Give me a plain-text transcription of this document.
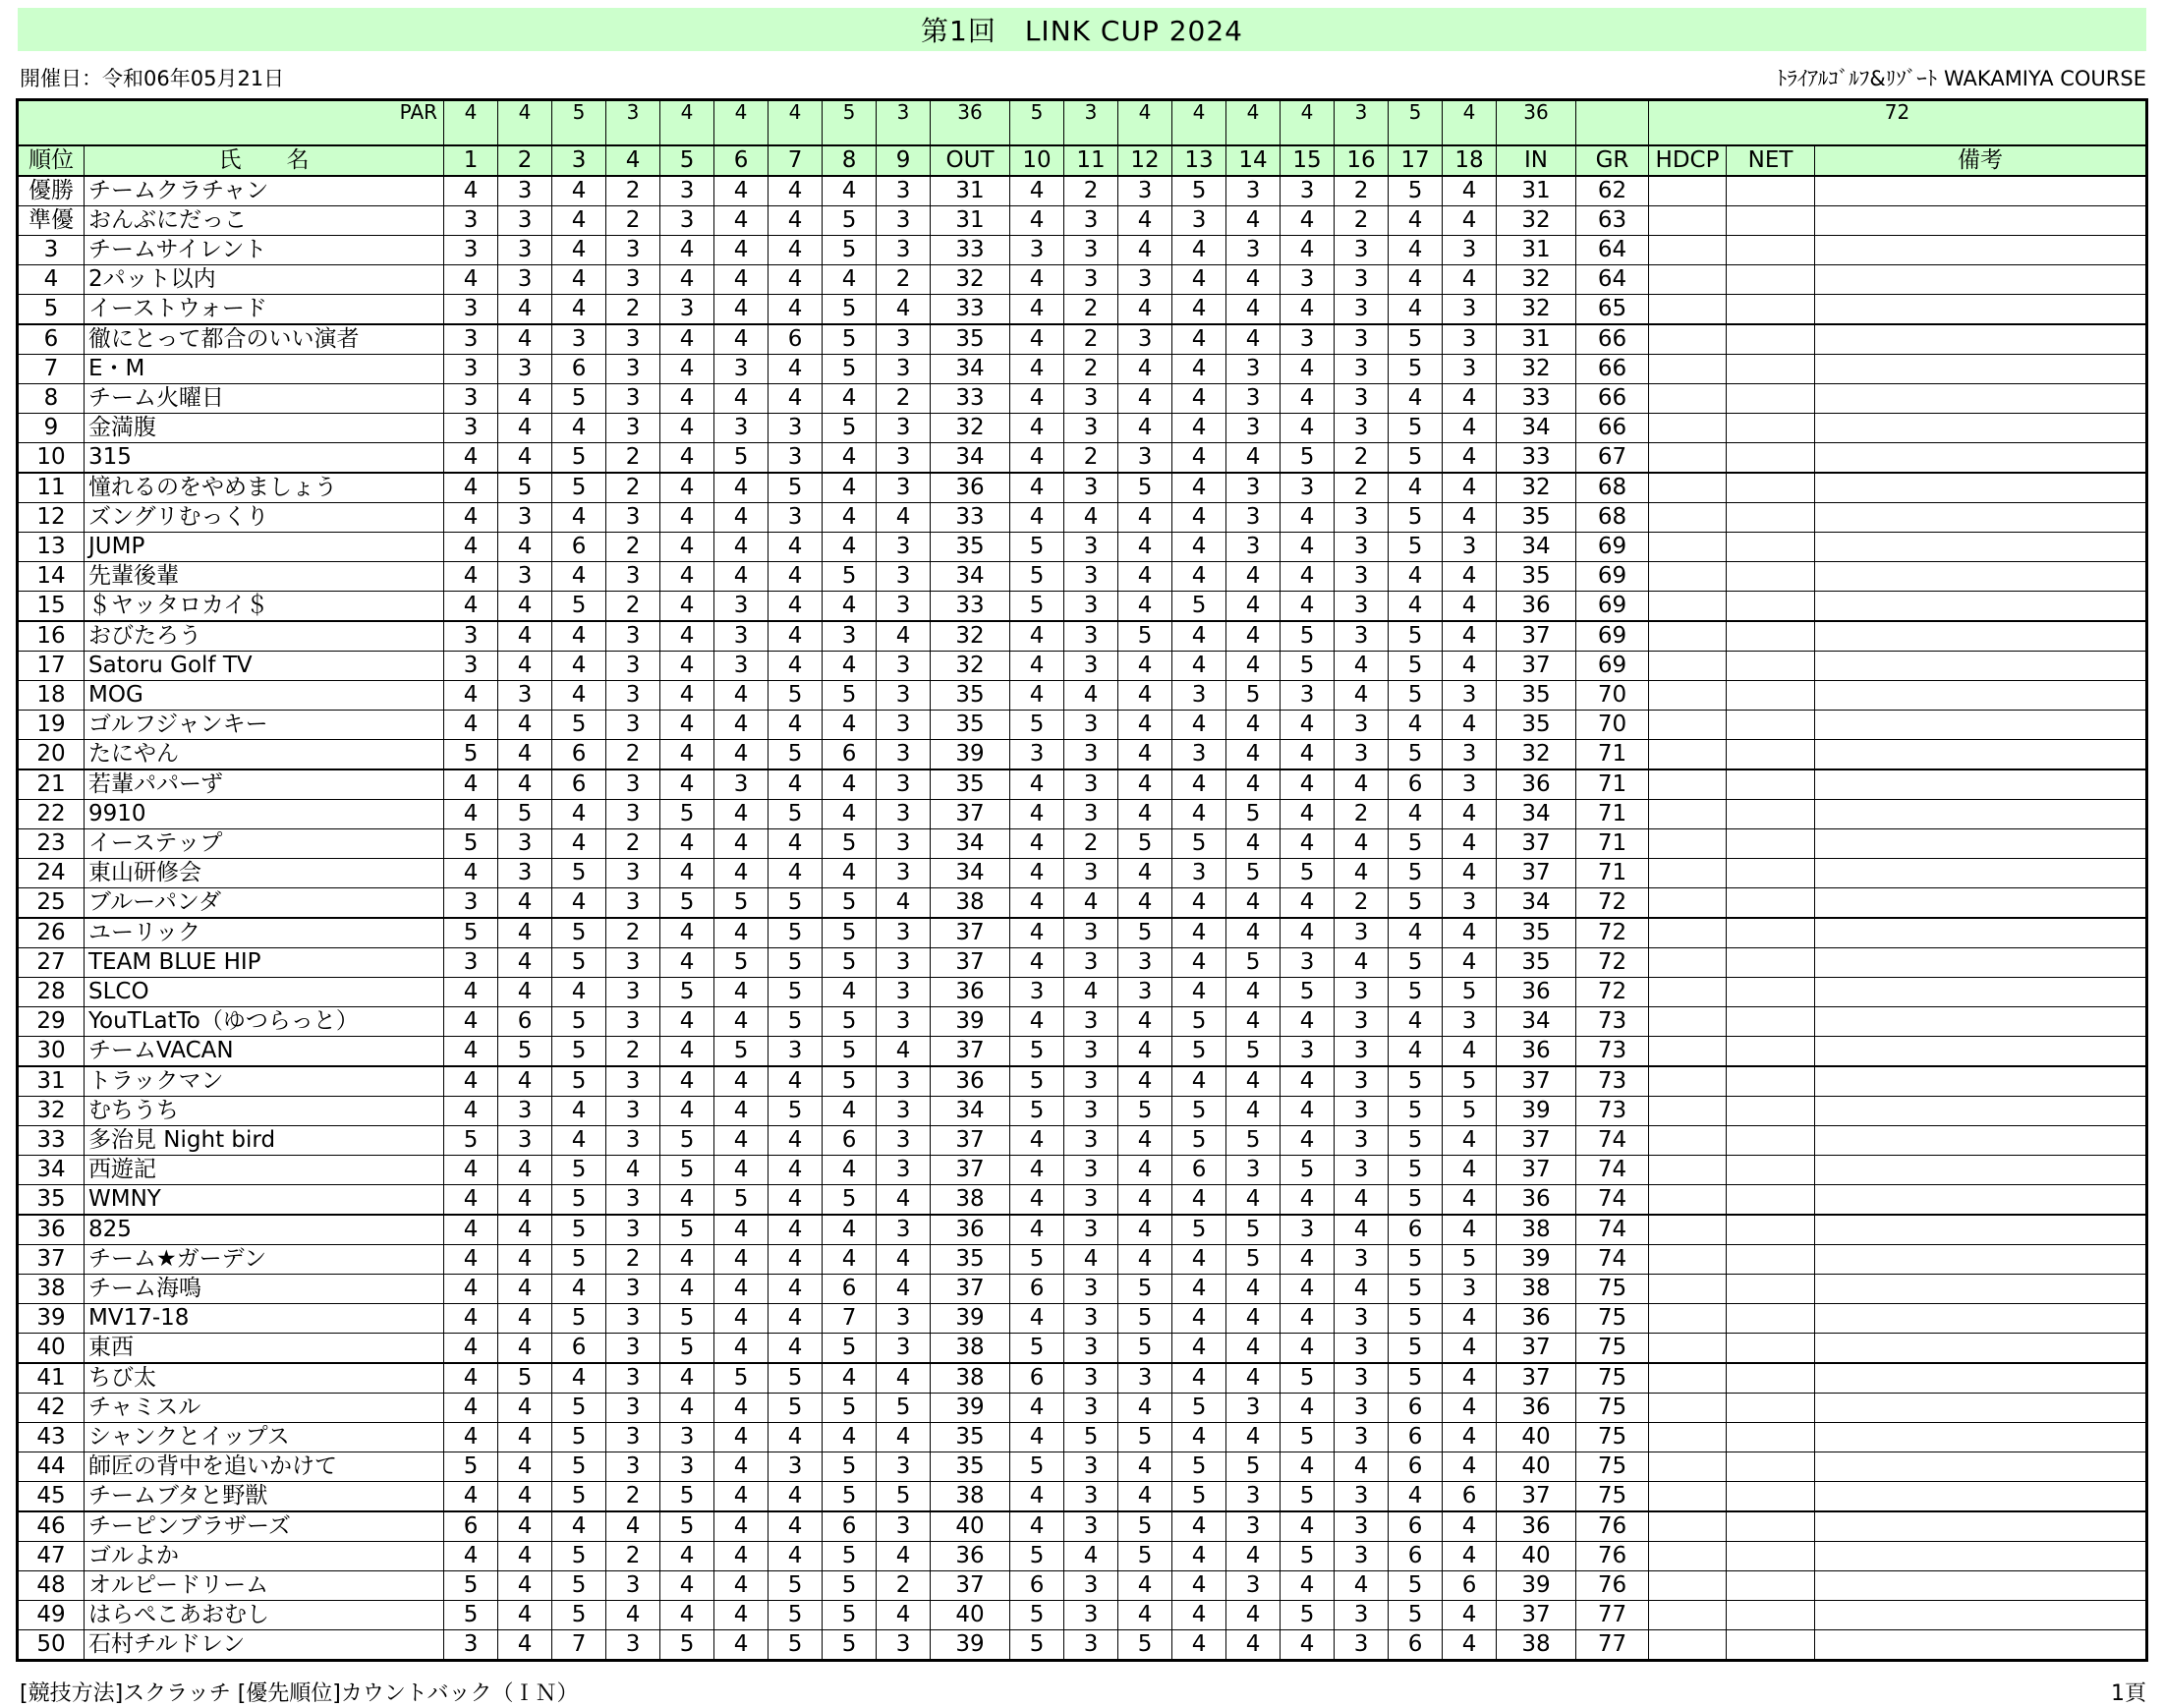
第1回　LINK CUP 2024
開催日：令和06年05月21日	ﾄﾗｲｱﾙｺﾞﾙﾌ&ﾘｿﾞｰﾄ WAKAMIYA COURSE
PAR		4	4	5	3	4	4	4	5	3	36	5	3	4	4	4	4	3	5	4	36		72		
順位	氏　　名	1	2	3	4	5	6	7	8	9	OUT	10	11	12	13	14	15	16	17	18	IN	GR	HDCP	NET	備考
優勝	チームクラチャン	4	3	4	2	3	4	4	4	3	31	4	2	3	5	3	3	2	5	4	31	62			
準優	おんぶにだっこ	3	3	4	2	3	4	4	5	3	31	4	3	4	3	4	4	2	4	4	32	63			
3	チームサイレント	3	3	4	3	4	4	4	5	3	33	3	3	4	4	3	4	3	4	3	31	64			
4	2パット以内	4	3	4	3	4	4	4	4	2	32	4	3	3	4	4	3	3	4	4	32	64			
5	イーストウォード	3	4	4	2	3	4	4	5	4	33	4	2	4	4	4	4	3	4	3	32	65			
6	徹にとって都合のいい演者	3	4	3	3	4	4	6	5	3	35	4	2	3	4	4	3	3	5	3	31	66			
7	E・M	3	3	6	3	4	3	4	5	3	34	4	2	4	4	3	4	3	5	3	32	66			
8	チーム火曜日	3	4	5	3	4	4	4	4	2	33	4	3	4	4	3	4	3	4	4	33	66			
9	金満腹	3	4	4	3	4	3	3	5	3	32	4	3	4	4	3	4	3	5	4	34	66			
10	315	4	4	5	2	4	5	3	4	3	34	4	2	3	4	4	5	2	5	4	33	67			
11	憧れるのをやめましょう	4	5	5	2	4	4	5	4	3	36	4	3	5	4	3	3	2	4	4	32	68			
12	ズングリむっくり	4	3	4	3	4	4	3	4	4	33	4	4	4	4	3	4	3	5	4	35	68			
13	JUMP	4	4	6	2	4	4	4	4	3	35	5	3	4	4	3	4	3	5	3	34	69			
14	先輩後輩	4	3	4	3	4	4	4	5	3	34	5	3	4	4	4	4	3	4	4	35	69			
15	＄ヤッタロカイ＄	4	4	5	2	4	3	4	4	3	33	5	3	4	5	4	4	3	4	4	36	69			
16	おびたろう	3	4	4	3	4	3	4	3	4	32	4	3	5	4	4	5	3	5	4	37	69			
17	Satoru Golf TV	3	4	4	3	4	3	4	4	3	32	4	3	4	4	4	5	4	5	4	37	69			
18	MOG	4	3	4	3	4	4	5	5	3	35	4	4	4	3	5	3	4	5	3	35	70			
19	ゴルフジャンキー	4	4	5	3	4	4	4	4	3	35	5	3	4	4	4	4	3	4	4	35	70			
20	たにやん	5	4	6	2	4	4	5	6	3	39	3	3	4	3	4	4	3	5	3	32	71			
21	若輩パパーず	4	4	6	3	4	3	4	4	3	35	4	3	4	4	4	4	4	6	3	36	71			
22	9910	4	5	4	3	5	4	5	4	3	37	4	3	4	4	5	4	2	4	4	34	71			
23	イーステップ	5	3	4	2	4	4	4	5	3	34	4	2	5	5	4	4	4	5	4	37	71			
24	東山研修会	4	3	5	3	4	4	4	4	3	34	4	3	4	3	5	5	4	5	4	37	71			
25	ブルーパンダ	3	4	4	3	5	5	5	5	4	38	4	4	4	4	4	4	2	5	3	34	72			
26	ユーリック	5	4	5	2	4	4	5	5	3	37	4	3	5	4	4	4	3	4	4	35	72			
27	TEAM BLUE HIP	3	4	5	3	4	5	5	5	3	37	4	3	3	4	5	3	4	5	4	35	72			
28	SLCO	4	4	4	3	5	4	5	4	3	36	3	4	3	4	4	5	3	5	5	36	72			
29	YouTLatTo（ゆつらっと）	4	6	5	3	4	4	5	5	3	39	4	3	4	5	4	4	3	4	3	34	73			
30	チームVACAN	4	5	5	2	4	5	3	5	4	37	5	3	4	5	5	3	3	4	4	36	73			
31	トラックマン	4	4	5	3	4	4	4	5	3	36	5	3	4	4	4	4	3	5	5	37	73			
32	むちうち	4	3	4	3	4	4	5	4	3	34	5	3	5	5	4	4	3	5	5	39	73			
33	多治見 Night bird	5	3	4	3	5	4	4	6	3	37	4	3	4	5	5	4	3	5	4	37	74			
34	西遊記	4	4	5	4	5	4	4	4	3	37	4	3	4	6	3	5	3	5	4	37	74			
35	WMNY	4	4	5	3	4	5	4	5	4	38	4	3	4	4	4	4	4	5	4	36	74			
36	825	4	4	5	3	5	4	4	4	3	36	4	3	4	5	5	3	4	6	4	38	74			
37	チーム★ガーデン	4	4	5	2	4	4	4	4	4	35	5	4	4	4	5	4	3	5	5	39	74			
38	チーム海鳴	4	4	4	3	4	4	4	6	4	37	6	3	5	4	4	4	4	5	3	38	75			
39	MV17-18	4	4	5	3	5	4	4	7	3	39	4	3	5	4	4	4	3	5	4	36	75			
40	東西	4	4	6	3	5	4	4	5	3	38	5	3	5	4	4	4	3	5	4	37	75			
41	ちび太	4	5	4	3	4	5	5	4	4	38	6	3	3	4	4	5	3	5	4	37	75			
42	チャミスル	4	4	5	3	4	4	5	5	5	39	4	3	4	5	3	4	3	6	4	36	75			
43	シャンクとイップス	4	4	5	3	3	4	4	4	4	35	4	5	5	4	4	5	3	6	4	40	75			
44	師匠の背中を追いかけて	5	4	5	3	3	4	3	5	3	35	5	3	4	5	5	4	4	6	4	40	75			
45	チームブタと野獣	4	4	5	2	5	4	4	5	5	38	4	3	4	5	3	5	3	4	6	37	75			
46	チーピンブラザーズ	6	4	4	4	5	4	4	6	3	40	4	3	5	4	3	4	3	6	4	36	76			
47	ゴルよか	4	4	5	2	4	4	4	5	4	36	5	4	5	4	4	5	3	6	4	40	76			
48	オルピードリーム	5	4	5	3	4	4	5	5	2	37	6	3	4	4	3	4	4	5	6	39	76			
49	はらぺこあおむし	5	4	5	4	4	4	5	5	4	40	5	3	4	4	4	5	3	5	4	37	77			
50	石村チルドレン	3	4	7	3	5	4	5	5	3	39	5	3	5	4	4	4	3	6	4	38	77			
[競技方法]スクラッチ [優先順位]カウントバック（ＩＮ）	1頁
